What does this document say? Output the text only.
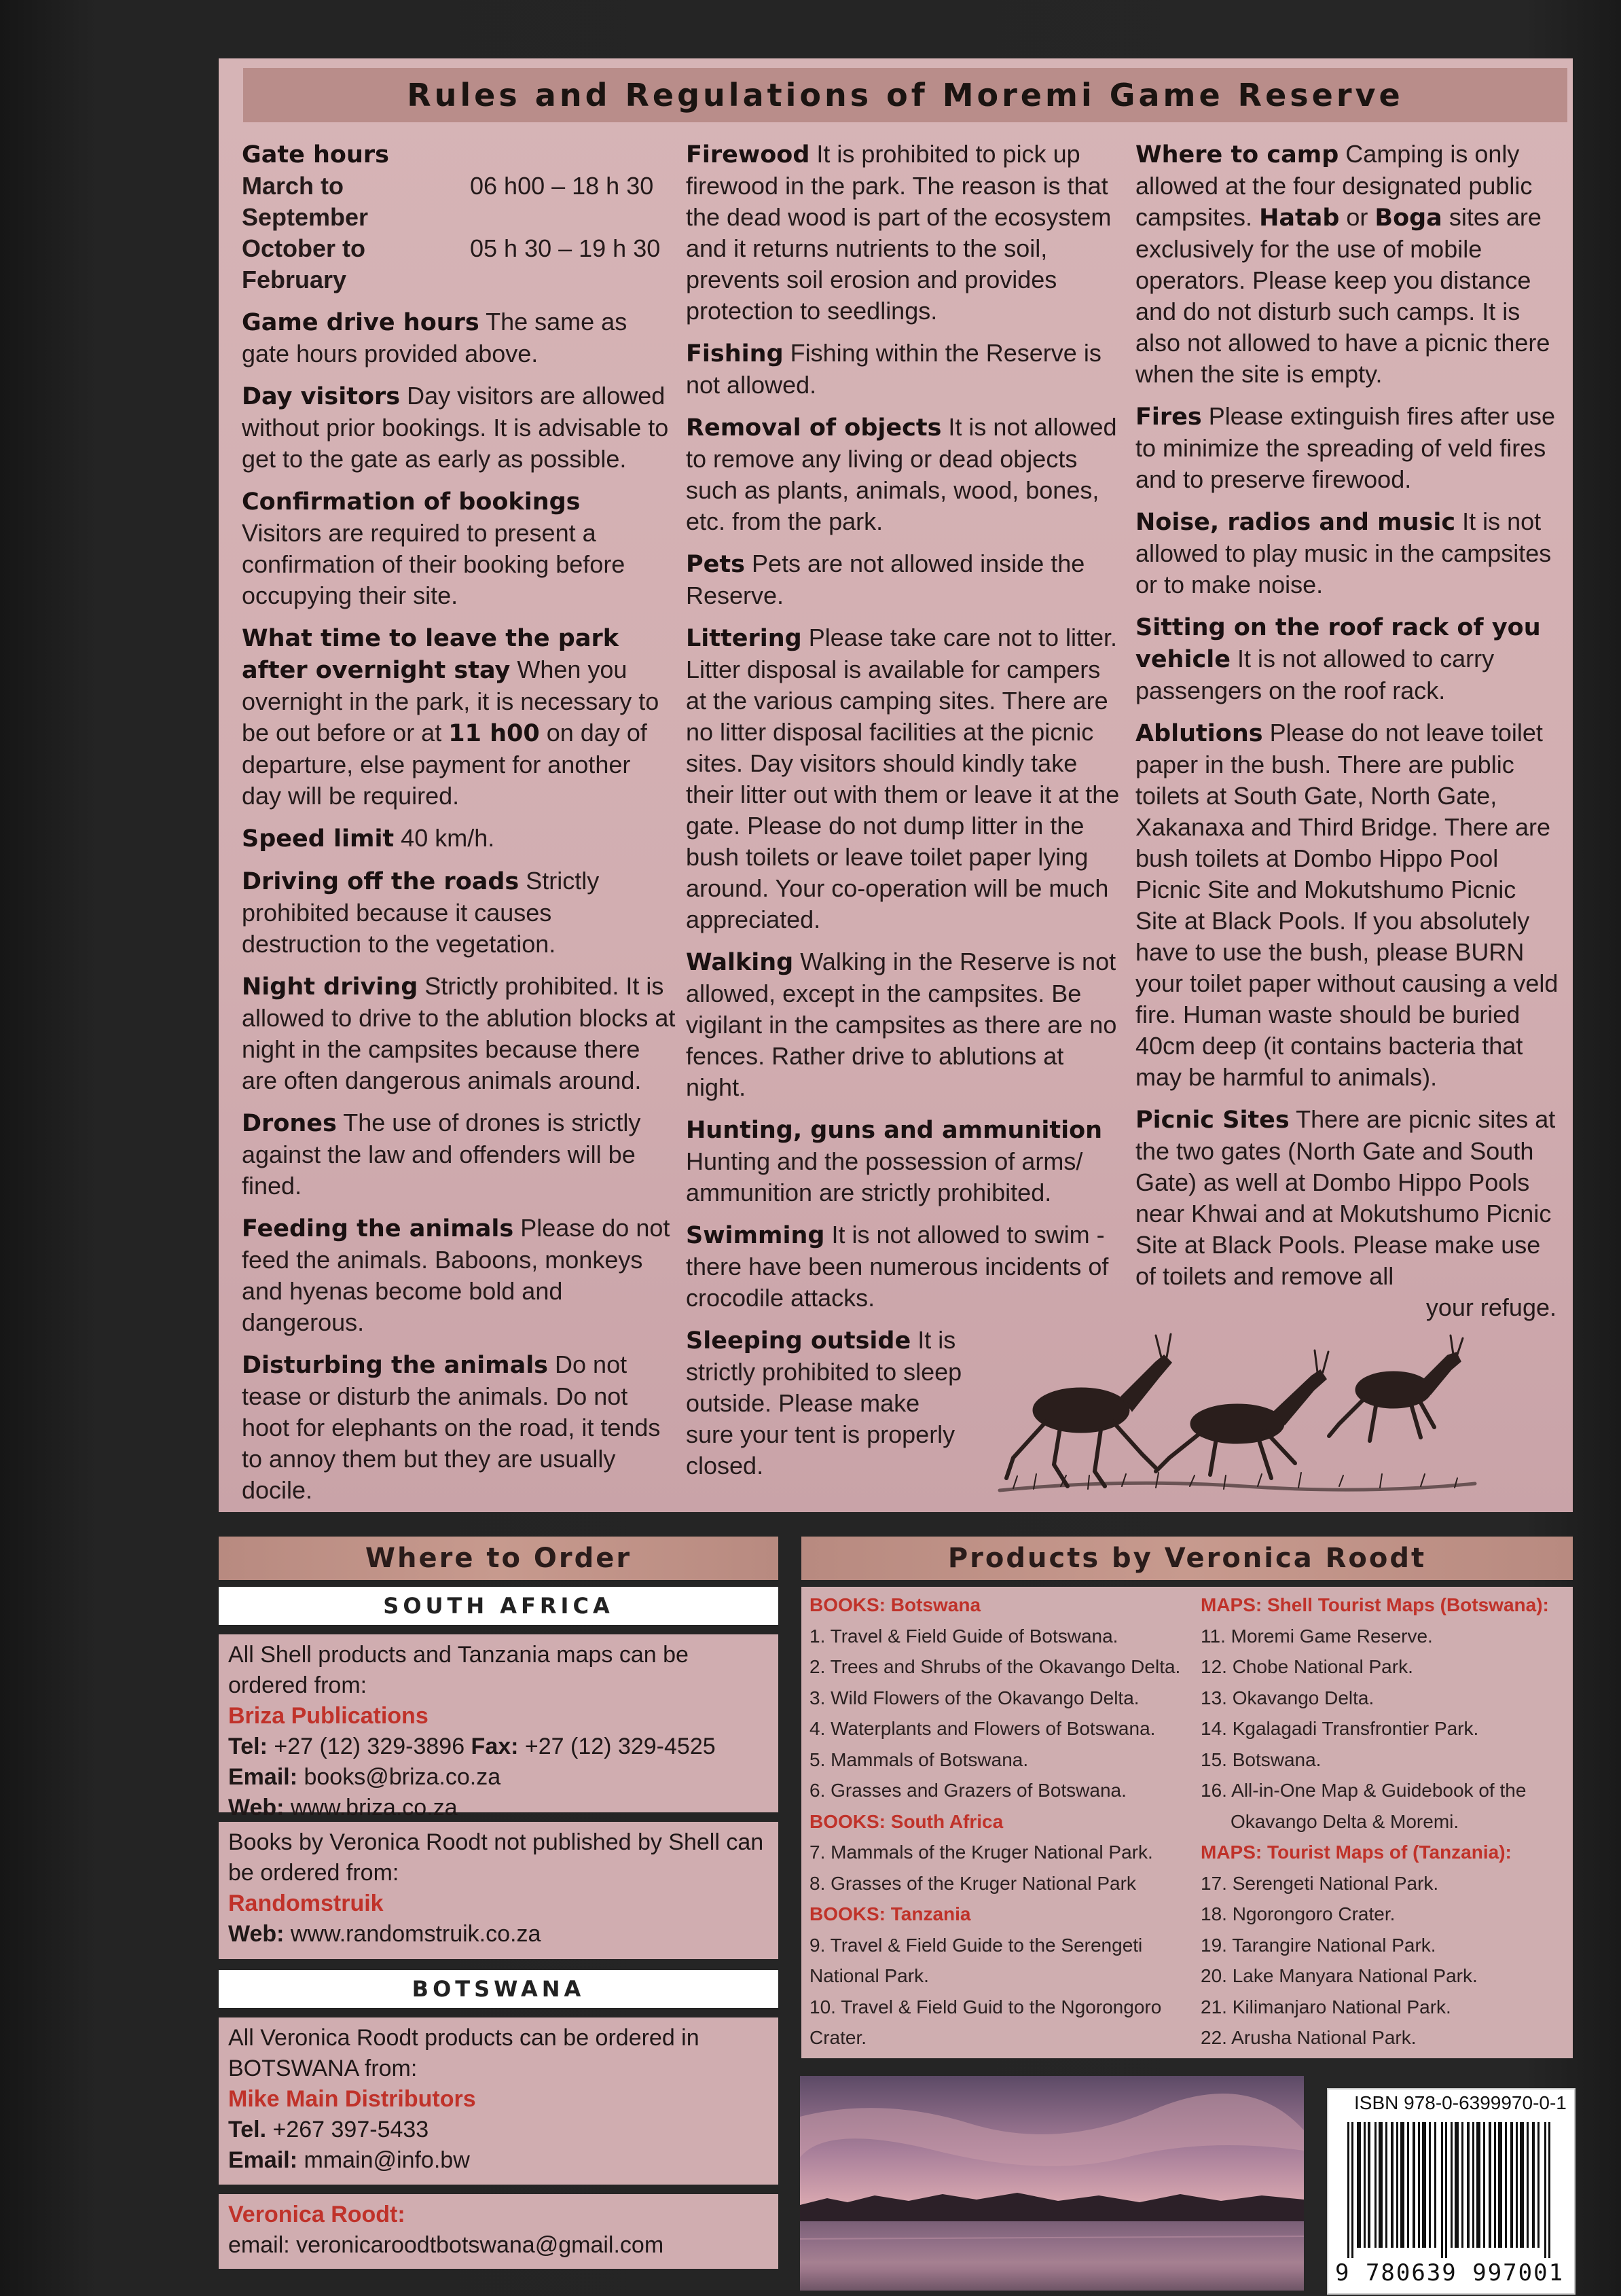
Rules and Regulations of Moremi Game Reserve
Gate hours
March to September
06 h00 – 18 h 30
October to February
05 h 30 – 19 h 30

Game drive hours The same as gate hours provided above.

Day visitors Day visitors are allowed without prior bookings. It is advisable to get to the gate as early as possible.

Confirmation of bookings
Visitors are required to present a confirmation of their booking before occupying their site.

What time to leave the park after overnight stay When you overnight in the park, it is necessary to be out before or at 11 h00 on day of departure, else payment for another day will be required.

Speed limit 40 km/h.

Driving off the roads Strictly prohibited because it causes destruction to the vegetation.

Night driving Strictly prohibited. It is allowed to drive to the ablution blocks at night in the campsites because there are often dangerous animals around.

Drones The use of drones is strictly against the law and offenders will be fined.

Feeding the animals Please do not feed the animals. Baboons, monkeys and hyenas become bold and dangerous.

Disturbing the animals Do not tease or disturb the animals. Do not hoot for elephants on the road, it tends to annoy them but they are usually docile.

Firewood It is prohibited to pick up firewood in the park. The reason is that the dead wood is part of the ecosystem and it returns nutrients to the soil, prevents soil erosion and provides protection to seedlings.

Fishing Fishing within the Reserve is not allowed.

Removal of objects It is not allowed to remove any living or dead objects such as plants, animals, wood, bones, etc. from the park.

Pets Pets are not allowed inside the Reserve.

Littering Please take care not to litter. Litter disposal is available for campers at the various camping sites. There are no litter disposal facilities at the picnic sites. Day visitors should kindly take their litter out with them or leave it at the gate. Please do not dump litter in the bush toilets or leave toilet paper lying around. Your co-operation will be much appreciated.

Walking Walking in the Reserve is not allowed, except in the campsites. Be vigilant in the campsites as there are no fences. Rather drive to ablutions at night.

Hunting, guns and ammunition
Hunting and the possession of arms/ ammunition are strictly prohibited.

Swimming It is not allowed to swim - there have been numerous incidents of crocodile attacks.

Sleeping outside It is strictly prohibited to sleep outside. Please make sure your tent is properly closed.

Where to camp Camping is only allowed at the four designated public campsites. Hatab or Boga sites are exclusively for the use of mobile operators. Please keep you distance and do not disturb such camps. It is also not allowed to have a picnic there when the site is empty.

Fires Please extinguish fires after use to minimize the spreading of veld fires and to preserve firewood.

Noise, radios and music It is not allowed to play music in the campsites or to make noise.

Sitting on the roof rack of you vehicle It is not allowed to carry passengers on the roof rack.

Ablutions Please do not leave toilet paper in the bush. There are public toilets at South Gate, North Gate, Xakanaxa and Third Bridge. There are bush toilets at Dombo Hippo Pool Picnic Site and Mokutshumo Picnic Site at Black Pools. If you absolutely have to use the bush, please BURN your toilet paper without causing a veld fire. Human waste should be buried 40cm deep (it contains bacteria that may be harmful to animals).

Picnic Sites There are picnic sites at the two gates (North Gate and South Gate) as well at Dombo Hippo Pools near Khwai and at Mokutshumo Picnic Site at Black Pools. Please make use of toilets and remove all

your refuge.

Where to Order
SOUTH AFRICA
All Shell products and Tanzania maps can be ordered from:
Briza Publications
Tel: +27 (12) 329-3896 Fax: +27 (12) 329-4525
Email: books@briza.co.za
Web: www.briza.co.za
Books by Veronica Roodt not published by Shell can be ordered from:
Randomstruik
Web: www.randomstruik.co.za
BOTSWANA
All Veronica Roodt products can be ordered in BOTSWANA from:
Mike Main Distributors
Tel. +267 397-5433
Email: mmain@info.bw
Veronica Roodt:
email: veronicaroodtbotswana@gmail.com
Products by Veronica Roodt
BOOKS: Botswana
1. Travel & Field Guide of Botswana.
2. Trees and Shrubs of the Okavango Delta.
3. Wild Flowers of the Okavango Delta.
4. Waterplants and Flowers of Botswana.
5. Mammals of Botswana.
6. Grasses and Grazers of Botswana.
BOOKS: South Africa
7. Mammals of the Kruger National Park.
8. Grasses of the Kruger National Park
BOOKS: Tanzania
9. Travel & Field Guide to the Serengeti
National Park.
10. Travel & Field Guid to the Ngorongoro
Crater.
MAPS: Shell Tourist Maps (Botswana):
11. Moremi Game Reserve.
12. Chobe National Park.
13. Okavango Delta.
14. Kgalagadi Transfrontier Park.
15. Botswana.
16. All-in-One Map & Guidebook of the
Okavango Delta & Moremi.
MAPS: Tourist Maps of (Tanzania):
17. Serengeti National Park.
18. Ngorongoro Crater.
19. Tarangire National Park.
20. Lake Manyara National Park.
21. Kilimanjaro National Park.
22. Arusha National Park.
ISBN 978-0-6399970-0-1
9 780639 997001
